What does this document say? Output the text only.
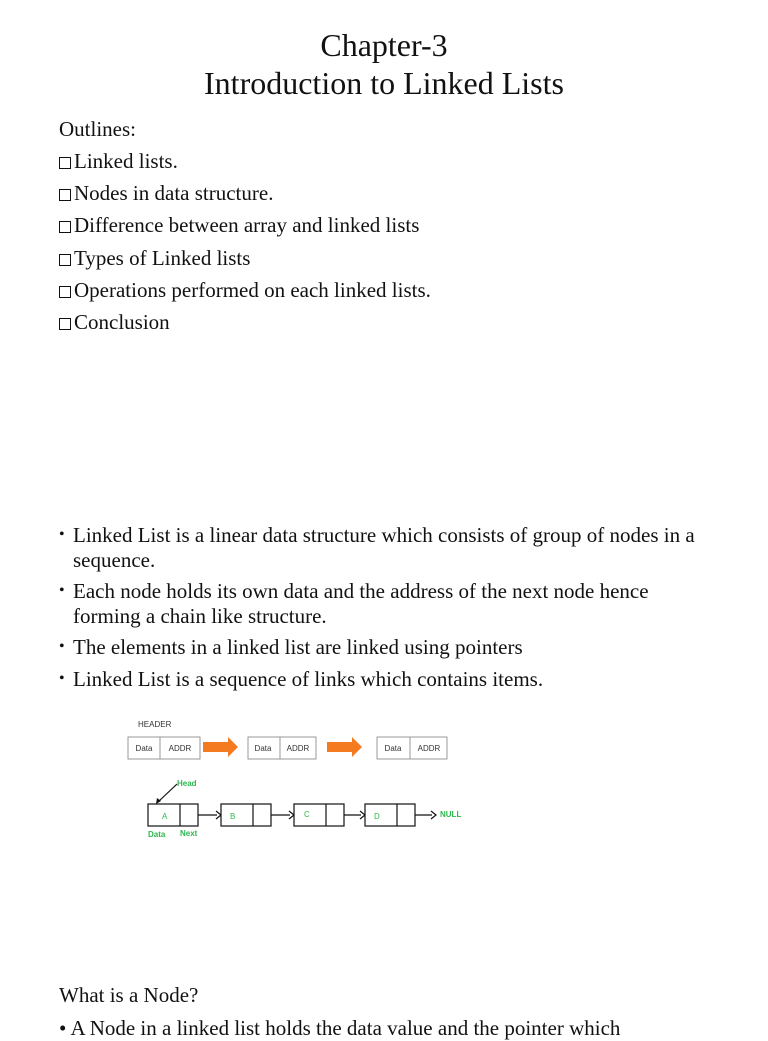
Chapter-3
Introduction to Linked Lists
Outlines:
Linked lists.
Nodes in data structure.
Difference between array and linked lists
Types of Linked lists
Operations performed on each linked lists.
Conclusion
• Linked List is a linear data structure which consists of group of nodes in a sequence.
• Each node holds its own data and the address of the next node hence forming a chain like structure.
• The elements in a linked list are linked using pointers
• Linked List is a sequence of links which contains items.
HEADER
Data ADDR	Data ADDR	Data ADDR
Head
A	B	C	D	NULL
Data Next
What is a Node?
• A Node in a linked list holds the data value and the pointer which
